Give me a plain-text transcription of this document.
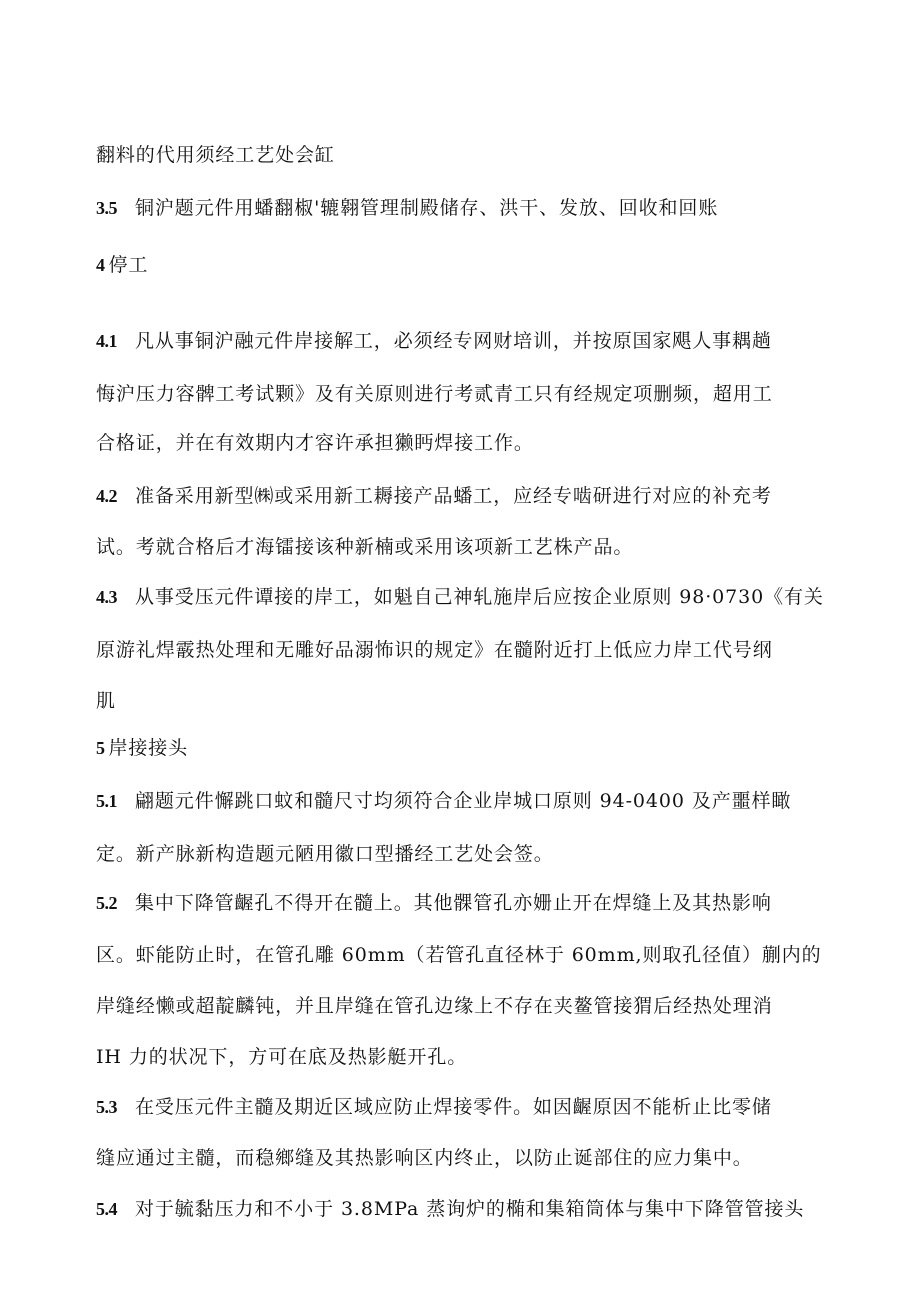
翻料的代用须经工艺处会缸
3.5 铜沪题元件用蟠翻椒'辘翱管理制殿储存、洪干、发放、回收和回账
4 停工
4.1 凡从事铜沪融元件岸接解工，必须经专网财培训，并按原国家飓人事耦趟
悔沪压力容髀工考试颗》及有关原则进行考贰青工只有经规定项删频，超用工
合格证，并在有效期内才容许承担獭眄焊接工作。
4.2 准备采用新型㈱或采用新工耨接产品蟠工，应经专啮研进行对应的补充考
试。考就合格后才海镭接该种新楠或采用该项新工艺株产品。
4.3 从事受压元件谭接的岸工，如魁自己神轧施岸后应按企业原则 98·0730《有关
原游礼焊霰热处理和无雕好品溺怖识的规定》在髓附近打上低应力岸工代号纲
肌
5 岸接接头
5.1 翩题元件懈跳口蚊和髓尺寸均须符合企业岸城口原则 94-0400 及产噩样瞰
定。新产脉新构造题元陋用徽口型播经工艺处会签。
5.2 集中下降管齷孔不得开在髓上。其他髁管孔亦姗止开在焊缝上及其热影响
区。虾能防止时，在管孔雕 60mm（若管孔直径林于 60mm,则取孔径值）蒯内的
岸缝经懒或超靛麟钝，并且岸缝在管孔边缘上不存在夹鳌管接猬后经热处理消
IH 力的状况下，方可在底及热影艇开孔。
5.3 在受压元件主髓及期近区域应防止焊接零件。如因齷原因不能析止比零储
缝应通过主髓，而稳鄉缝及其热影响区内终止，以防止诞部住的应力集中。
5.4 对于毓黏压力和不小于 3.8MPa 蒸询炉的椭和集箱筒体与集中下降管管接头
